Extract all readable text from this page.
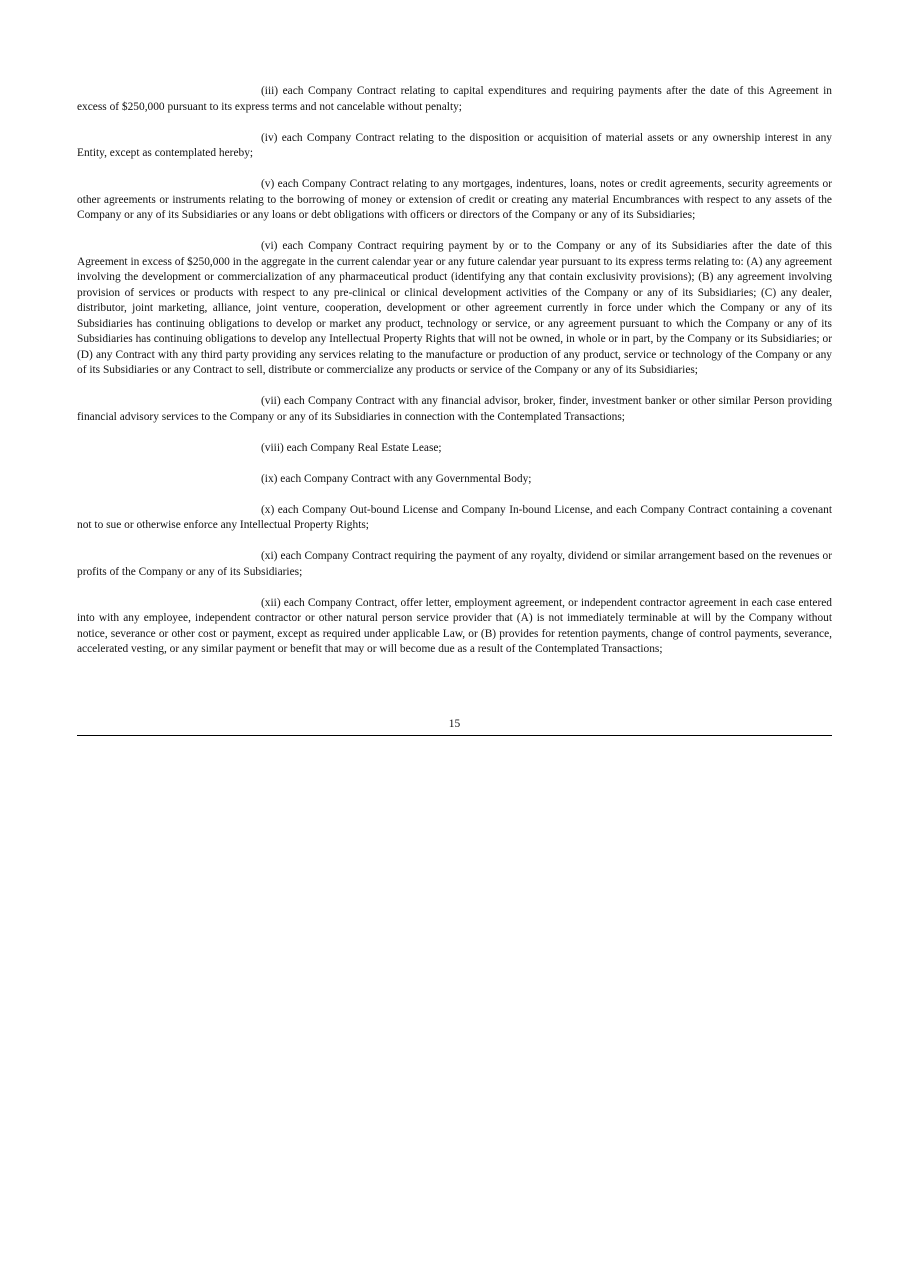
(iii) each Company Contract relating to capital expenditures and requiring payments after the date of this Agreement in excess of $250,000 pursuant to its express terms and not cancelable without penalty;

(iv) each Company Contract relating to the disposition or acquisition of material assets or any ownership interest in any Entity, except as contemplated hereby;

(v) each Company Contract relating to any mortgages, indentures, loans, notes or credit agreements, security agreements or other agreements or instruments relating to the borrowing of money or extension of credit or creating any material Encumbrances with respect to any assets of the Company or any of its Subsidiaries or any loans or debt obligations with officers or directors of the Company or any of its Subsidiaries;

(vi) each Company Contract requiring payment by or to the Company or any of its Subsidiaries after the date of this Agreement in excess of $250,000 in the aggregate in the current calendar year or any future calendar year pursuant to its express terms relating to: (A) any agreement involving the development or commercialization of any pharmaceutical product (identifying any that contain exclusivity provisions); (B) any agreement involving provision of services or products with respect to any pre-clinical or clinical development activities of the Company or any of its Subsidiaries; (C) any dealer, distributor, joint marketing, alliance, joint venture, cooperation, development or other agreement currently in force under which the Company or any of its Subsidiaries has continuing obligations to develop or market any product, technology or service, or any agreement pursuant to which the Company or any of its Subsidiaries has continuing obligations to develop any Intellectual Property Rights that will not be owned, in whole or in part, by the Company or its Subsidiaries; or (D) any Contract with any third party providing any services relating to the manufacture or production of any product, service or technology of the Company or any of its Subsidiaries or any Contract to sell, distribute or commercialize any products or service of the Company or any of its Subsidiaries;

(vii) each Company Contract with any financial advisor, broker, finder, investment banker or other similar Person providing financial advisory services to the Company or any of its Subsidiaries in connection with the Contemplated Transactions;

(viii) each Company Real Estate Lease;

(ix) each Company Contract with any Governmental Body;

(x) each Company Out-bound License and Company In-bound License, and each Company Contract containing a covenant not to sue or otherwise enforce any Intellectual Property Rights;

(xi) each Company Contract requiring the payment of any royalty, dividend or similar arrangement based on the revenues or profits of the Company or any of its Subsidiaries;

(xii) each Company Contract, offer letter, employment agreement, or independent contractor agreement in each case entered into with any employee, independent contractor or other natural person service provider that (A) is not immediately terminable at will by the Company without notice, severance or other cost or payment, except as required under applicable Law, or (B) provides for retention payments, change of control payments, severance, accelerated vesting, or any similar payment or benefit that may or will become due as a result of the Contemplated Transactions;

15
